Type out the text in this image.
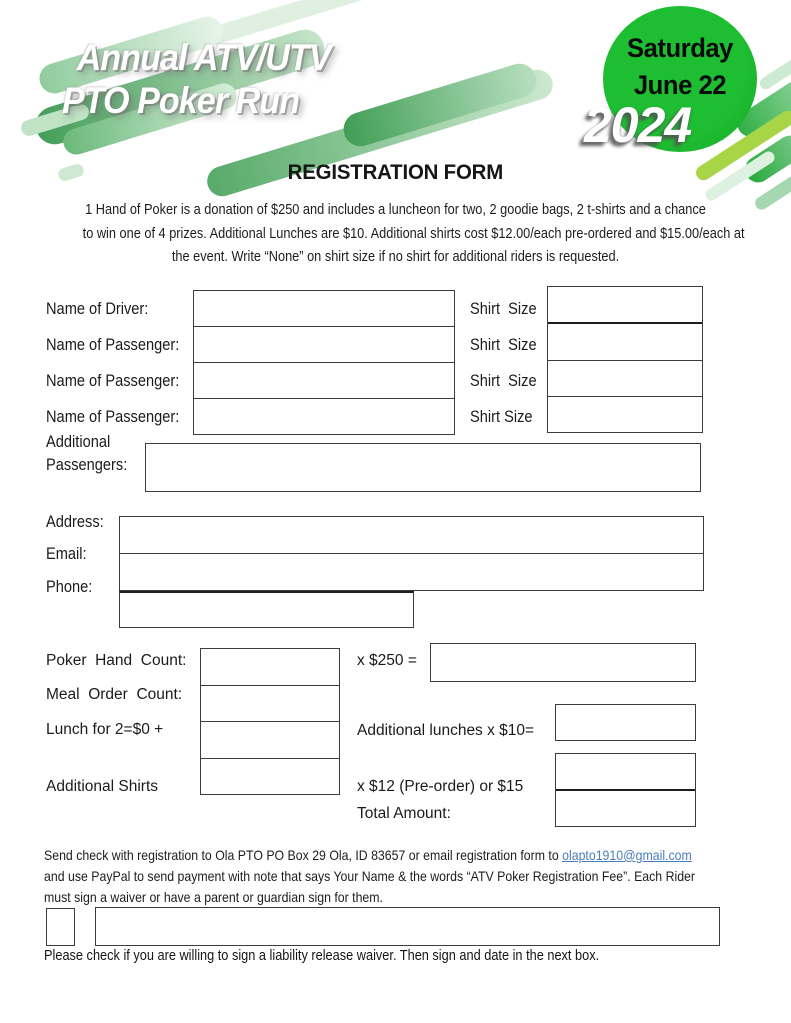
Annual ATV/UTV
PTO Poker Run
Saturday
June 22
2024
REGISTRATION FORM
1 Hand of Poker is a donation of $250 and includes a luncheon for two, 2 goodie bags, 2 t-shirts and a chance
to win one of 4 prizes. Additional Lunches are $10. Additional shirts cost $12.00/each pre-ordered and $15.00/each at
the event. Write “None” on shirt size if no shirt for additional riders is requested.
Name of Driver:
Name of Passenger:
Name of Passenger:
Name of Passenger:
Shirt  Size
Shirt  Size
Shirt  Size
Shirt Size
Additional Passengers:
Address:
Email:
Phone:
Poker  Hand  Count:
Meal  Order  Count:
Lunch for 2=$0 +
Additional Shirts
x $250 =
Additional lunches x $10=
x $12 (Pre-order) or $15
Total Amount:
Send check with registration to Ola PTO PO Box 29 Ola, ID 83657 or email registration form to olapto1910@gmail.com
and use PayPal to send payment with note that says Your Name & the words “ATV Poker Registration Fee”. Each Rider
must sign a waiver or have a parent or guardian sign for them.
Please check if you are willing to sign a liability release waiver. Then sign and date in the next box.
